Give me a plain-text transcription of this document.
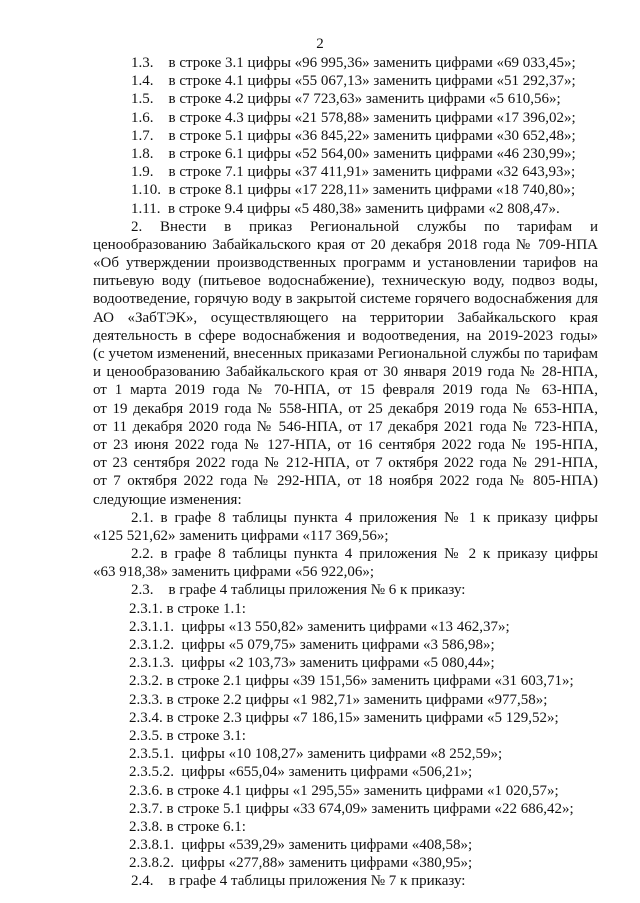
2
1.3.    в строке 3.1 цифры «96 995,36» заменить цифрами «69 033,45»;
1.4.    в строке 4.1 цифры «55 067,13» заменить цифрами «51 292,37»;
1.5.    в строке 4.2 цифры «7 723,63» заменить цифрами «5 610,56»;
1.6.    в строке 4.3 цифры «21 578,88» заменить цифрами «17 396,02»;
1.7.    в строке 5.1 цифры «36 845,22» заменить цифрами «30 652,48»;
1.8.    в строке 6.1 цифры «52 564,00» заменить цифрами «46 230,99»;
1.9.    в строке 7.1 цифры «37 411,91» заменить цифрами «32 643,93»;
1.10.  в строке 8.1 цифры «17 228,11» заменить цифрами «18 740,80»;
1.11.  в строке 9.4 цифры «5 480,38» заменить цифрами «2 808,47».
2. Внести в приказ Региональной службы по тарифам и
ценообразованию Забайкальского края от 20 декабря 2018 года № 709-НПА
«Об утверждении производственных программ и установлении тарифов на
питьевую воду (питьевое водоснабжение), техническую воду, подвоз воды,
водоотведение, горячую воду в закрытой системе горячего водоснабжения для
АО «ЗабТЭК», осуществляющего на территории Забайкальского края
деятельность в сфере водоснабжения и водоотведения, на 2019-2023 годы»
(с учетом изменений, внесенных приказами Региональной службы по тарифам
и ценообразованию Забайкальского края от 30 января 2019 года № 28-НПА,
от 1 марта 2019 года № 70-НПА, от 15 февраля 2019 года № 63-НПА,
от 19 декабря 2019 года № 558-НПА, от 25 декабря 2019 года № 653-НПА,
от 11 декабря 2020 года № 546-НПА, от 17 декабря 2021 года № 723-НПА,
от 23 июня 2022 года № 127-НПА, от 16 сентября 2022 года № 195-НПА,
от 23 сентября 2022 года № 212-НПА, от 7 октября 2022 года № 291-НПА,
от 7 октября 2022 года № 292-НПА, от 18 ноября 2022 года № 805-НПА)
следующие изменения:
2.1. в графе 8 таблицы пункта 4 приложения № 1 к приказу цифры
«125 521,62» заменить цифрами «117 369,56»;
2.2. в графе 8 таблицы пункта 4 приложения № 2 к приказу цифры
«63 918,38» заменить цифрами «56 922,06»;
2.3.    в графе 4 таблицы приложения № 6 к приказу:
2.3.1. в строке 1.1:
2.3.1.1.  цифры «13 550,82» заменить цифрами «13 462,37»;
2.3.1.2.  цифры «5 079,75» заменить цифрами «3 586,98»;
2.3.1.3.  цифры «2 103,73» заменить цифрами «5 080,44»;
2.3.2. в строке 2.1 цифры «39 151,56» заменить цифрами «31 603,71»;
2.3.3. в строке 2.2 цифры «1 982,71» заменить цифрами «977,58»;
2.3.4. в строке 2.3 цифры «7 186,15» заменить цифрами «5 129,52»;
2.3.5. в строке 3.1:
2.3.5.1.  цифры «10 108,27» заменить цифрами «8 252,59»;
2.3.5.2.  цифры «655,04» заменить цифрами «506,21»;
2.3.6. в строке 4.1 цифры «1 295,55» заменить цифрами «1 020,57»;
2.3.7. в строке 5.1 цифры «33 674,09» заменить цифрами «22 686,42»;
2.3.8. в строке 6.1:
2.3.8.1.  цифры «539,29» заменить цифрами «408,58»;
2.3.8.2.  цифры «277,88» заменить цифрами «380,95»;
2.4.    в графе 4 таблицы приложения № 7 к приказу:
